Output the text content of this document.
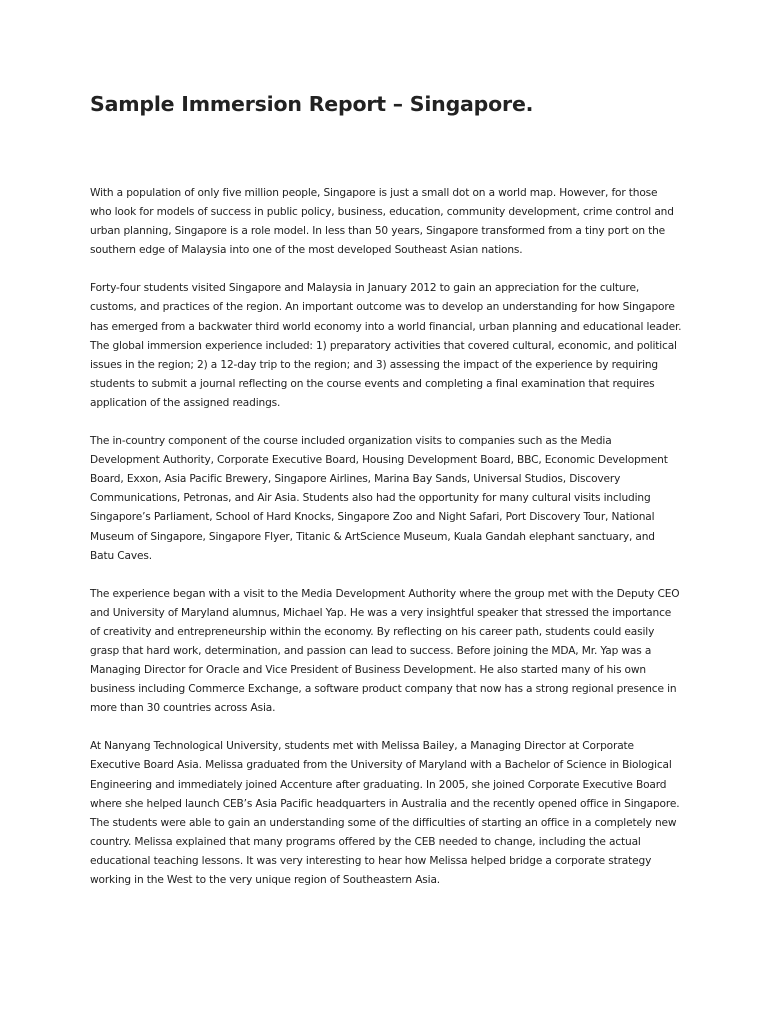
Sample Immersion Report – Singapore.

With a population of only five million people, Singapore is just a small dot on a world map. However, for those who look for models of success in public policy, business, education, community development, crime control and urban planning, Singapore is a role model. In less than 50 years, Singapore transformed from a tiny port on the southern edge of Malaysia into one of the most developed Southeast Asian nations.

Forty-four students visited Singapore and Malaysia in January 2012 to gain an appreciation for the culture, customs, and practices of the region. An important outcome was to develop an understanding for how Singapore has emerged from a backwater third world economy into a world financial, urban planning and educational leader. The global immersion experience included: 1) preparatory activities that covered cultural, economic, and political issues in the region; 2) a 12-day trip to the region; and 3) assessing the impact of the experience by requiring students to submit a journal reflecting on the course events and completing a final examination that requires application of the assigned readings.

The in-country component of the course included organization visits to companies such as the Media Development Authority, Corporate Executive Board, Housing Development Board, BBC, Economic Development Board, Exxon, Asia Pacific Brewery, Singapore Airlines, Marina Bay Sands, Universal Studios, Discovery Communications, Petronas, and Air Asia. Students also had the opportunity for many cultural visits including Singapore’s Parliament, School of Hard Knocks, Singapore Zoo and Night Safari, Port Discovery Tour, National Museum of Singapore, Singapore Flyer, Titanic & ArtScience Museum, Kuala Gandah elephant sanctuary, and Batu Caves.

The experience began with a visit to the Media Development Authority where the group met with the Deputy CEO and University of Maryland alumnus, Michael Yap. He was a very insightful speaker that stressed the importance of creativity and entrepreneurship within the economy. By reflecting on his career path, students could easily grasp that hard work, determination, and passion can lead to success. Before joining the MDA, Mr. Yap was a Managing Director for Oracle and Vice President of Business Development. He also started many of his own business including Commerce Exchange, a software product company that now has a strong regional presence in more than 30 countries across Asia.

At Nanyang Technological University, students met with Melissa Bailey, a Managing Director at Corporate Executive Board Asia. Melissa graduated from the University of Maryland with a Bachelor of Science in Biological Engineering and immediately joined Accenture after graduating. In 2005, she joined Corporate Executive Board where she helped launch CEB’s Asia Pacific headquarters in Australia and the recently opened office in Singapore. The students were able to gain an understanding some of the difficulties of starting an office in a completely new country. Melissa explained that many programs offered by the CEB needed to change, including the actual educational teaching lessons. It was very interesting to hear how Melissa helped bridge a corporate strategy working in the West to the very unique region of Southeastern Asia.
